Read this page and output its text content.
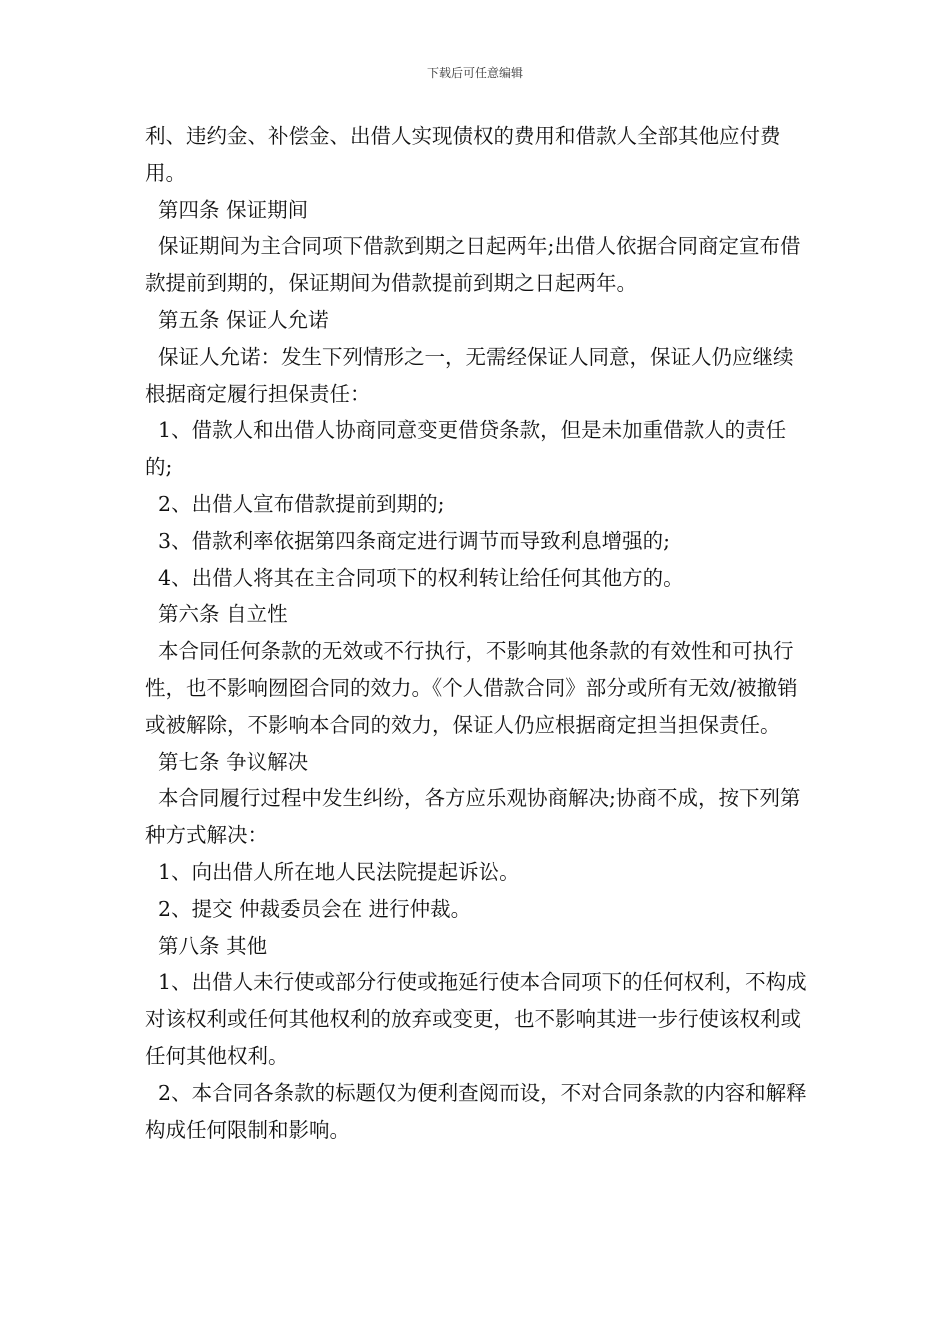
下载后可任意编辑

利、违约金、补偿金、出借人实现债权的费用和借款人全部其他应付费用。

第四条 保证期间

保证期间为主合同项下借款到期之日起两年;出借人依据合同商定宣布借款提前到期的，保证期间为借款提前到期之日起两年。

第五条 保证人允诺

保证人允诺：发生下列情形之一，无需经保证人同意，保证人仍应继续根据商定履行担保责任：

1、借款人和出借人协商同意变更借贷条款，但是未加重借款人的责任的;

2、出借人宣布借款提前到期的;

3、借款利率依据第四条商定进行调节而导致利息增强的;

4、出借人将其在主合同项下的权利转让给任何其他方的。

第六条 自立性

本合同任何条款的无效或不行执行，不影响其他条款的有效性和可执行性，也不影响囫囵合同的效力。《个人借款合同》部分或所有无效/被撤销或被解除，不影响本合同的效力，保证人仍应根据商定担当担保责任。

第七条 争议解决

本合同履行过程中发生纠纷，各方应乐观协商解决;协商不成，按下列第 种方式解决：

1、向出借人所在地人民法院提起诉讼。

2、提交 仲裁委员会在 进行仲裁。

第八条 其他

1、出借人未行使或部分行使或拖延行使本合同项下的任何权利，不构成对该权利或任何其他权利的放弃或变更，也不影响其进一步行使该权利或任何其他权利。

2、本合同各条款的标题仅为便利查阅而设，不对合同条款的内容和解释构成任何限制和影响。
